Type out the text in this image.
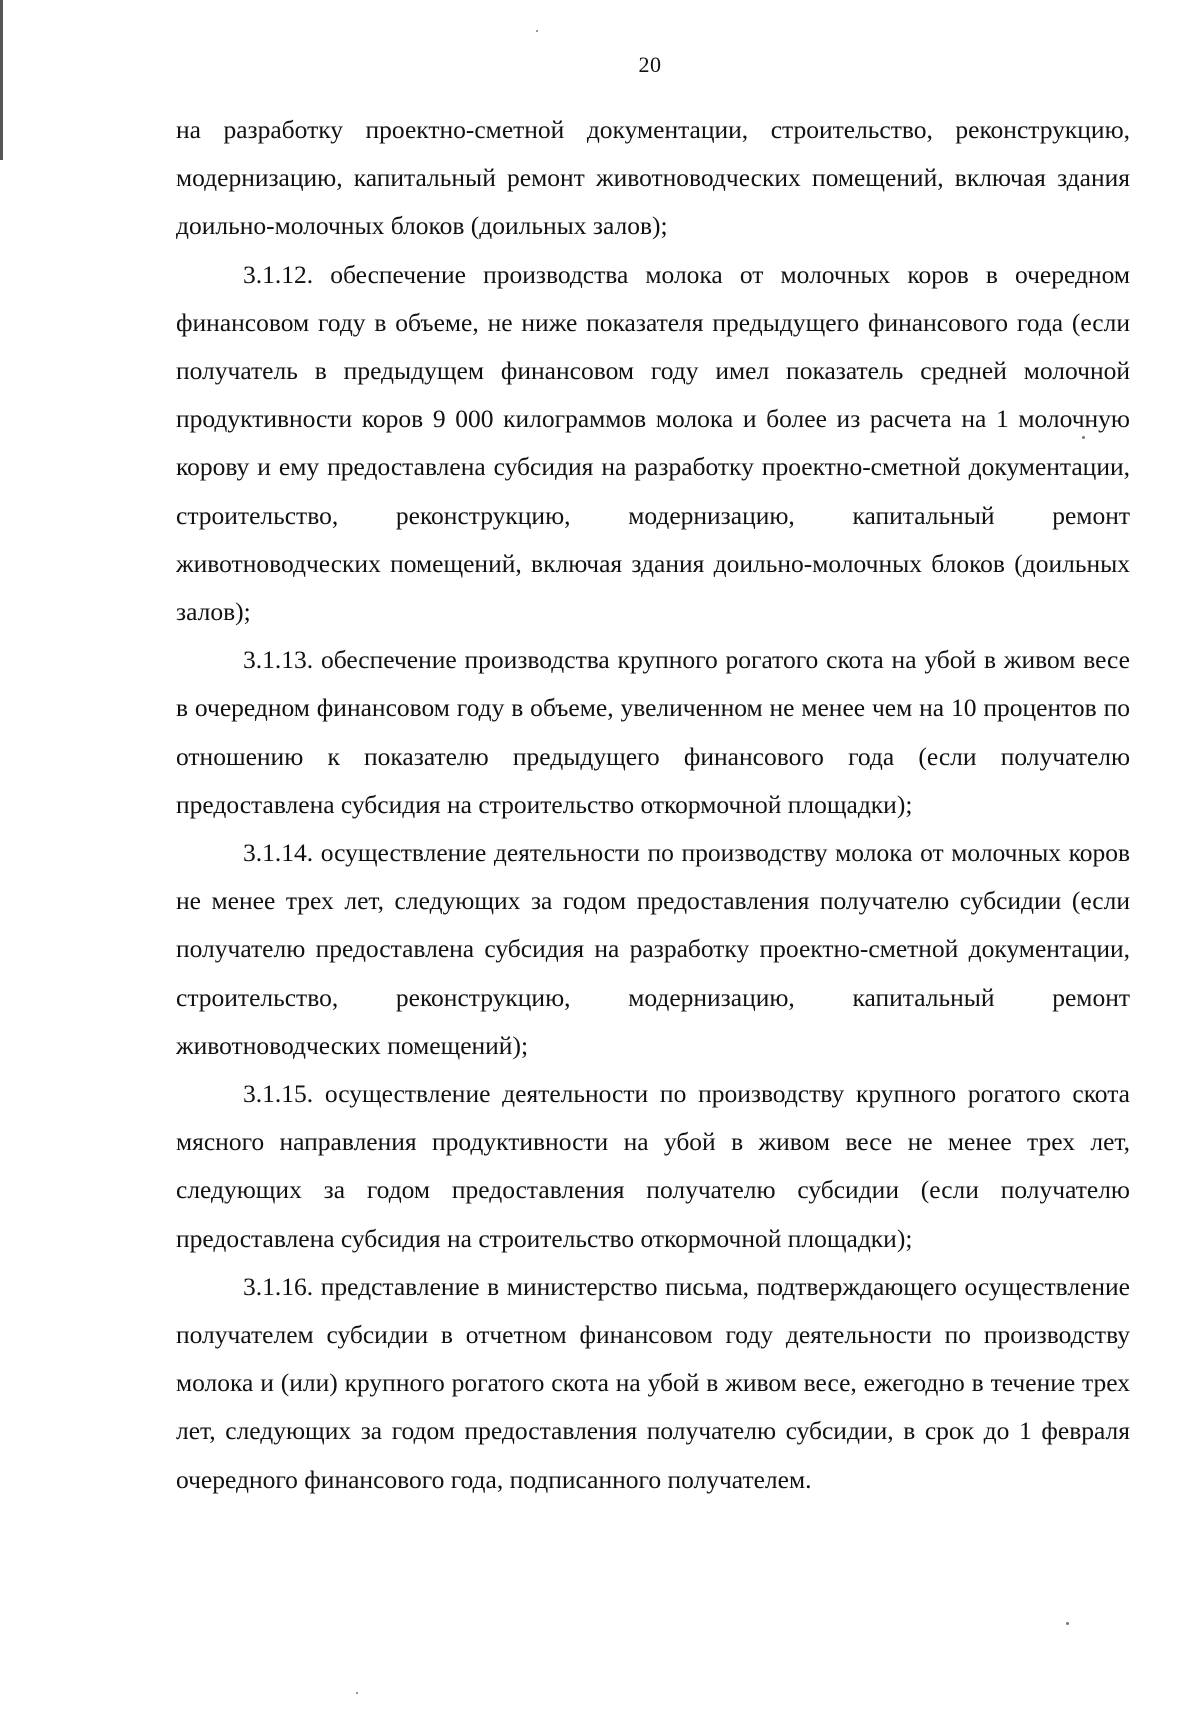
20

на разработку проектно-сметной документации, строительство, реконструкцию, модернизацию, капитальный ремонт животноводческих помещений, включая здания доильно-молочных блоков (доильных залов);

3.1.12. обеспечение производства молока от молочных коров в очередном финансовом году в объеме, не ниже показателя предыдущего финансового года (если получатель в предыдущем финансовом году имел показатель средней молочной продуктивности коров 9 000 килограммов молока и более из расчета на 1 молочную корову и ему предоставлена субсидия на разработку проектно-сметной документации, строительство, реконструкцию, модернизацию, капитальный ремонт животноводческих помещений, включая здания доильно-молочных блоков (доильных залов);

3.1.13. обеспечение производства крупного рогатого скота на убой в живом весе в очередном финансовом году в объеме, увеличенном не менее чем на 10 процентов по отношению к показателю предыдущего финансового года (если получателю предоставлена субсидия на строительство откормочной площадки);

3.1.14. осуществление деятельности по производству молока от молочных коров не менее трех лет, следующих за годом предоставления получателю субсидии (если получателю предоставлена субсидия на разработку проектно-сметной документации, строительство, реконструкцию, модернизацию, капитальный ремонт животноводческих помещений);

3.1.15. осуществление деятельности по производству крупного рогатого скота мясного направления продуктивности на убой в живом весе не менее трех лет, следующих за годом предоставления получателю субсидии (если получателю предоставлена субсидия на строительство откормочной площадки);

3.1.16. представление в министерство письма, подтверждающего осуществление получателем субсидии в отчетном финансовом году деятельности по производству молока и (или) крупного рогатого скота на убой в живом весе, ежегодно в течение трех лет, следующих за годом предоставления получателю субсидии, в срок до 1 февраля очередного финансового года, подписанного получателем.
